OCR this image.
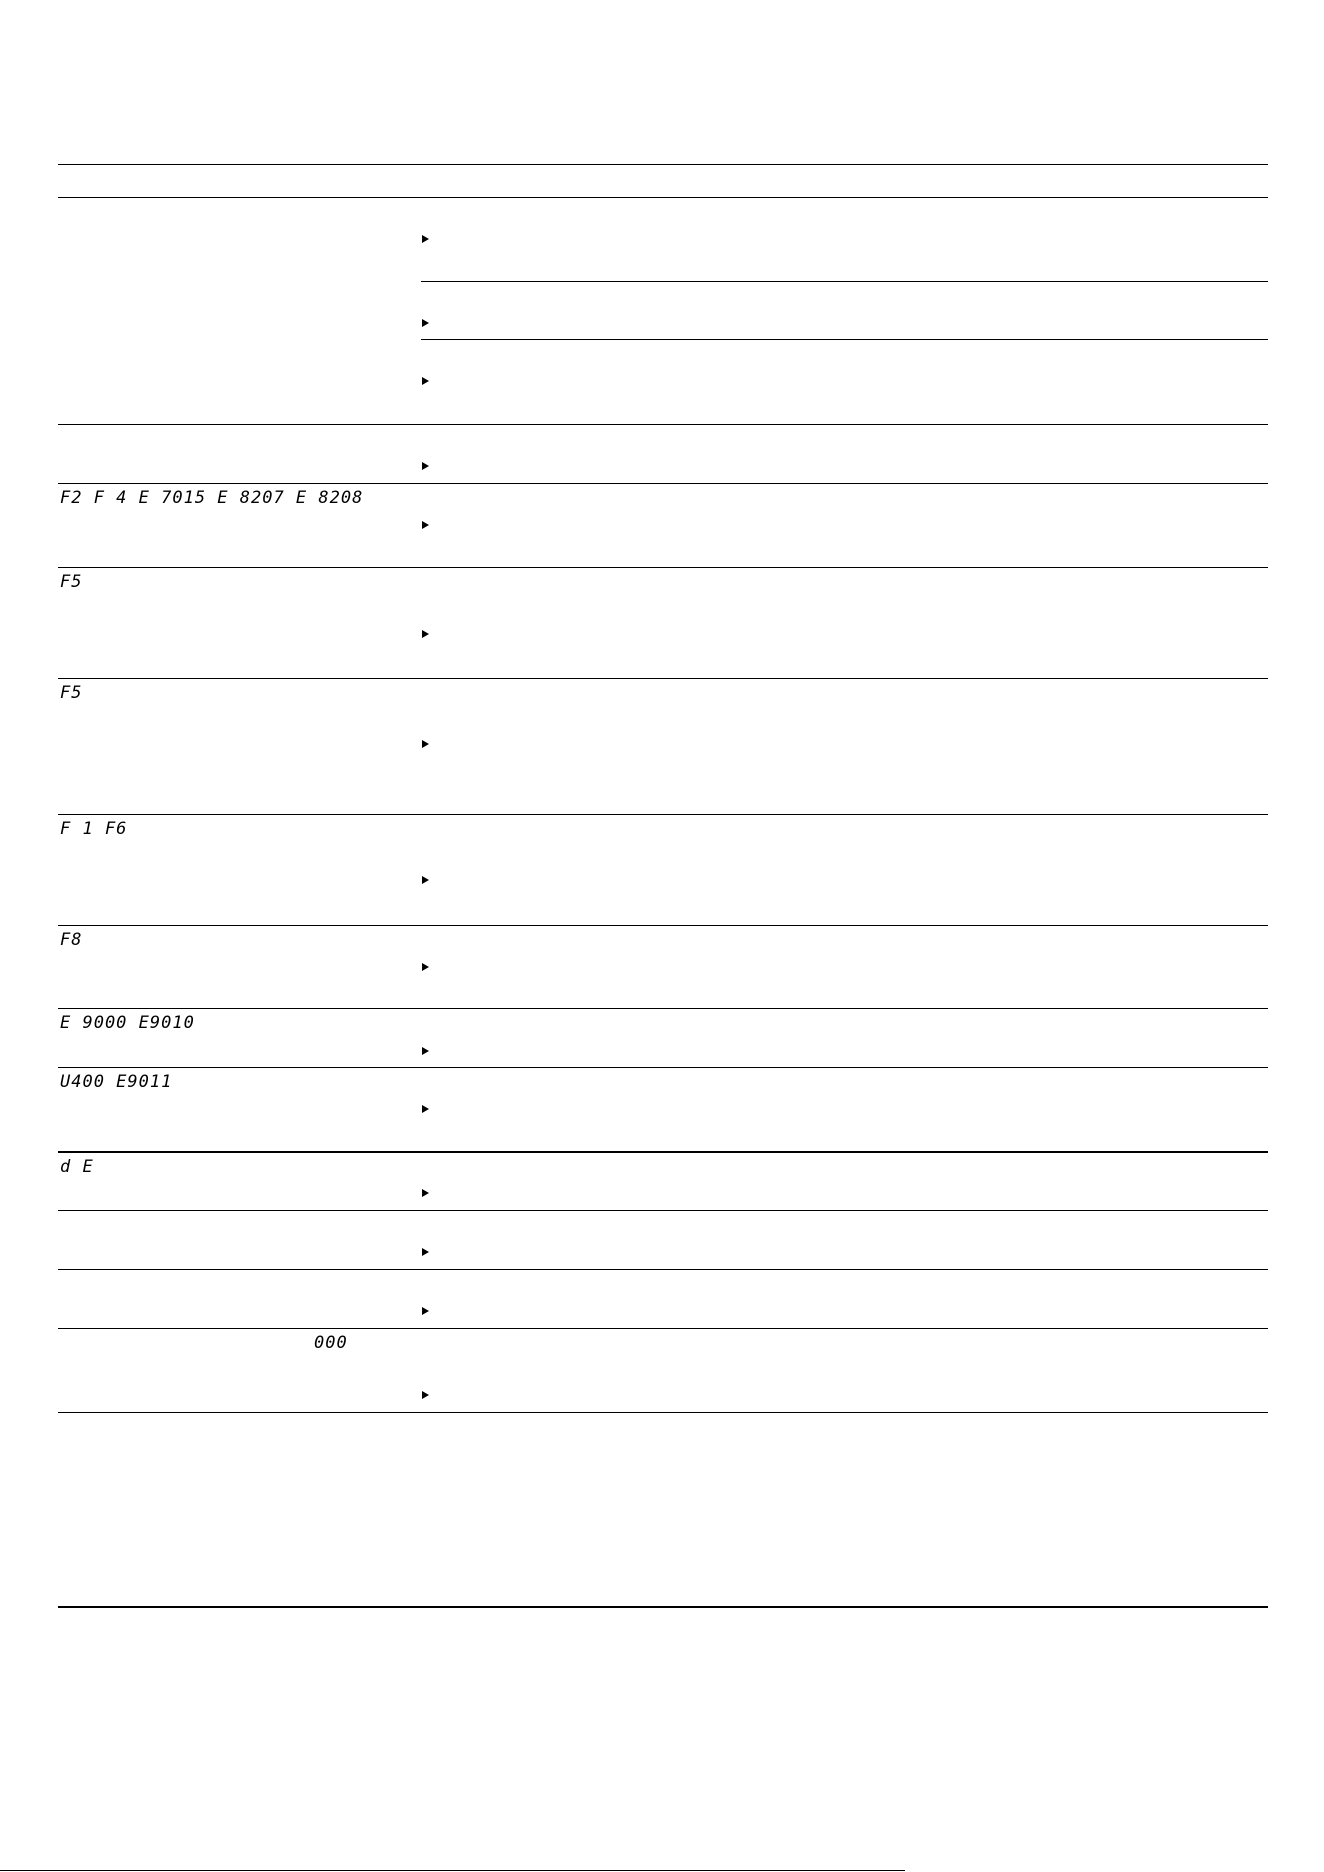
F2 F 4 E 7015 E 8207 E 8208
F5
F5
F 1 F6
F8
E 9000 E9010
U400 E9011
d E
000
